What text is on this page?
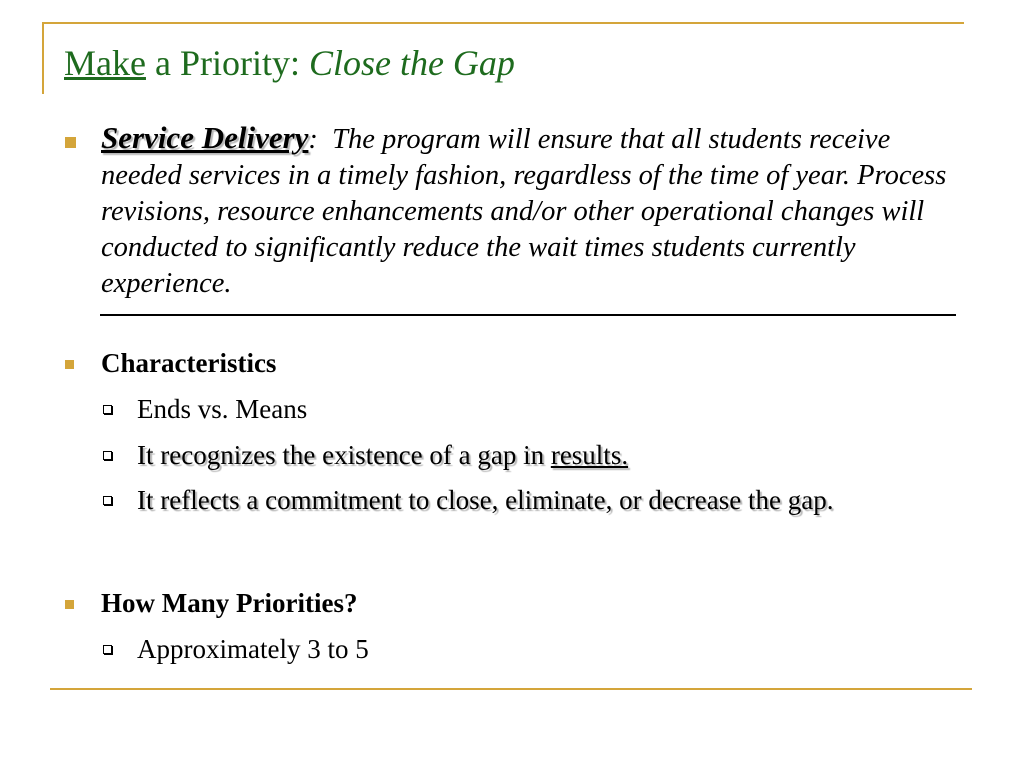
Make a Priority: Close the Gap
Service Delivery: The program will ensure that all students receive needed services in a timely fashion, regardless of the time of year. Process revisions, resource enhancements and/or other operational changes will conducted to significantly reduce the wait times students currently experience.
Characteristics
Ends vs. Means
It recognizes the existence of a gap in results.
It reflects a commitment to close, eliminate, or decrease the gap.
How Many Priorities?
Approximately 3 to 5
